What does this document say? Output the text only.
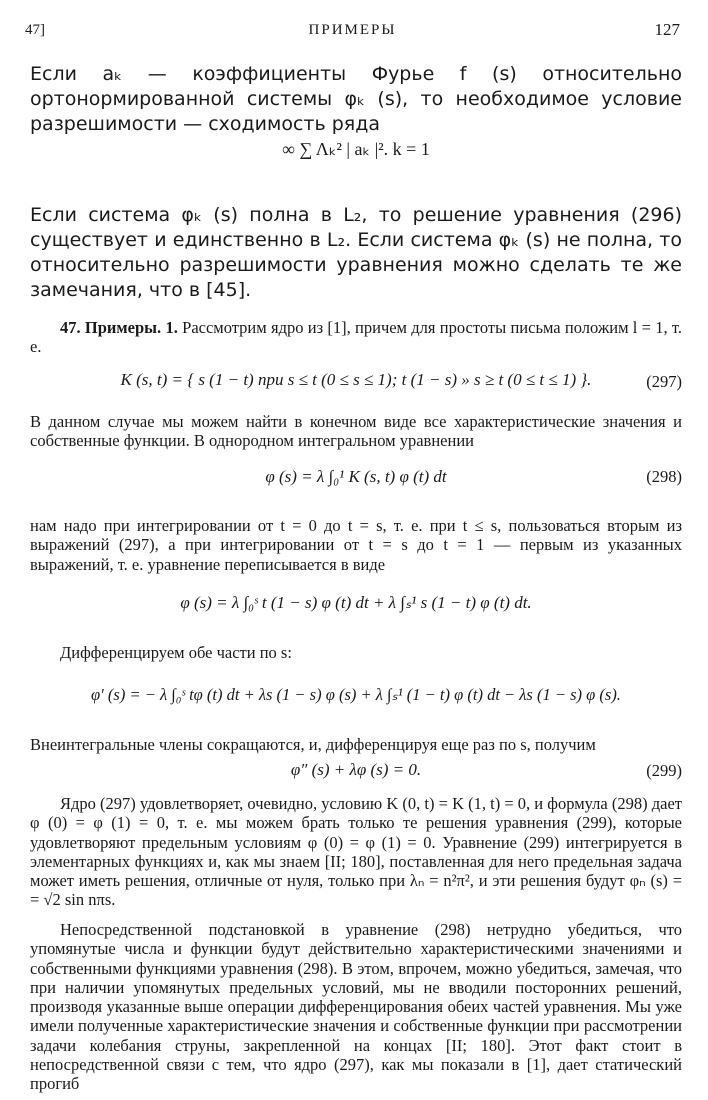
47]	ПРИМЕРЫ	127
Если aₖ — коэффициенты Фурье f (s) относительно ортонормированной системы φₖ (s), то необходимое условие разрешимости — сходимость ряда
∞ ∑ Λₖ² | aₖ |². k = 1
Если система φₖ (s) полна в L₂, то решение уравнения (296) существует и единственно в L₂. Если система φₖ (s) не полна, то относительно разрешимости уравнения можно сделать те же замечания, что в [45].
47. Примеры. 1. Рассмотрим ядро из [1], причем для простоты письма положим l = 1, т. е.
K (s, t) = { s (1 − t) при s ≤ t (0 ≤ s ≤ 1); t (1 − s) » s ≥ t (0 ≤ t ≤ 1) }.	(297)
В данном случае мы можем найти в конечном виде все характеристические значения и собственные функции. В однородном интегральном уравнении
φ (s) = λ ∫₀¹ K (s, t) φ (t) dt	(298)
нам надо при интегрировании от t = 0 до t = s, т. е. при t ≤ s, пользоваться вторым из выражений (297), а при интегрировании от t = s до t = 1 — первым из указанных выражений, т. е. уравнение переписывается в виде
φ (s) = λ ∫₀ˢ t (1 − s) φ (t) dt + λ ∫ₛ¹ s (1 − t) φ (t) dt.
Дифференцируем обе части по s:
φ′ (s) = − λ ∫₀ˢ tφ (t) dt + λs (1 − s) φ (s) + λ ∫ₛ¹ (1 − t) φ (t) dt − λs (1 − s) φ (s).
Внеинтегральные члены сокращаются, и, дифференцируя еще раз по s, получим
φ″ (s) + λφ (s) = 0.	(299)
Ядро (297) удовлетворяет, очевидно, условию K (0, t) = K (1, t) = 0, и формула (298) дает φ (0) = φ (1) = 0, т. е. мы можем брать только те решения уравнения (299), которые удовлетворяют предельным условиям φ (0) = φ (1) = 0. Уравнение (299) интегрируется в элементарных функциях и, как мы знаем [II; 180], поставленная для него предельная задача может иметь решения, отличные от нуля, только при λₙ = n²π², и эти решения будут φₙ (s) = = √2 sin nπs.
Непосредственной подстановкой в уравнение (298) нетрудно убедиться, что упомянутые числа и функции будут действительно характеристическими значениями и собственными функциями уравнения (298). В этом, впрочем, можно убедиться, замечая, что при наличии упомянутых предельных условий, мы не вводили посторонних решений, производя указанные выше операции дифференцирования обеих частей уравнения. Мы уже имели полученные характеристические значения и собственные функции при рассмотрении задачи колебания струны, закрепленной на концах [II; 180]. Этот факт стоит в непосредственной связи с тем, что ядро (297), как мы показали в [1], дает статический прогиб
